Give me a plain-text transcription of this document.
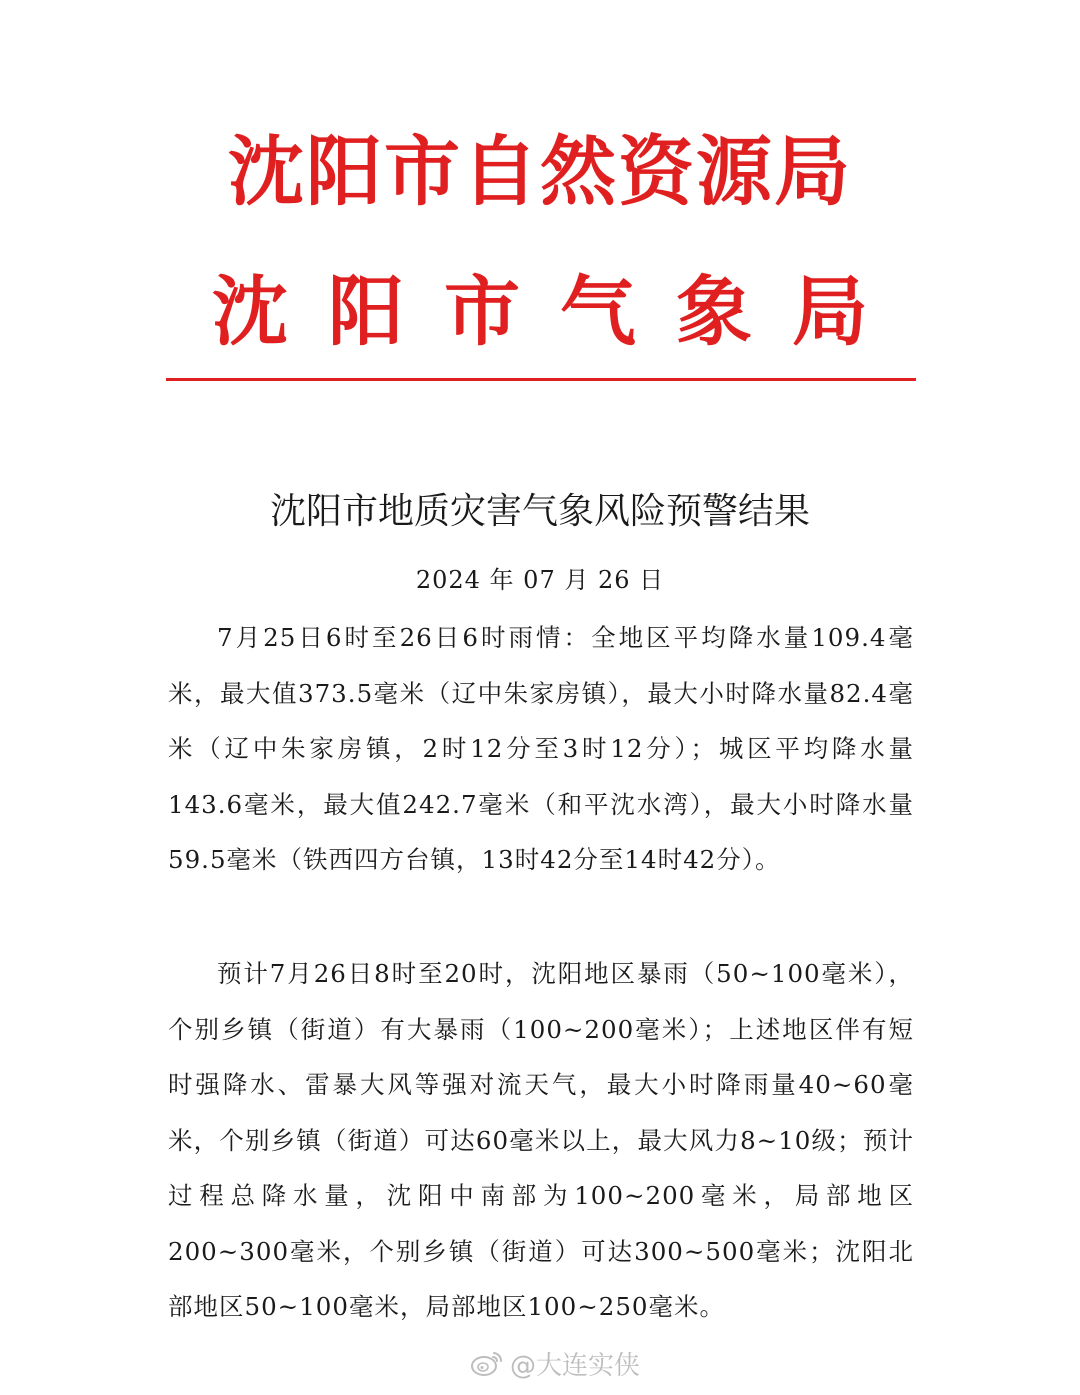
沈阳市自然资源局
沈阳市气象局
沈阳市地质灾害气象风险预警结果
2024 年 07 月 26 日

7月25日6时至26日6时雨情：全地区平均降水量109.4毫米，最大值373.5毫米（辽中朱家房镇），最大小时降水量82.4毫米（辽中朱家房镇，2时12分至3时12分）；城区平均降水量143.6毫米，最大值242.7毫米（和平沈水湾），最大小时降水量59.5毫米（铁西四方台镇，13时42分至14时42分）。

预计7月26日8时至20时，沈阳地区暴雨（50~100毫米），个别乡镇（街道）有大暴雨（100~200毫米）；上述地区伴有短时强降水、雷暴大风等强对流天气，最大小时降雨量40~60毫米，个别乡镇（街道）可达60毫米以上，最大风力8~10级；预计过程总降水量，沈阳中南部为100~200毫米，局部地区200~300毫米，个别乡镇（街道）可达300~500毫米；沈阳北部地区50~100毫米，局部地区100~250毫米。

@大连实侠
